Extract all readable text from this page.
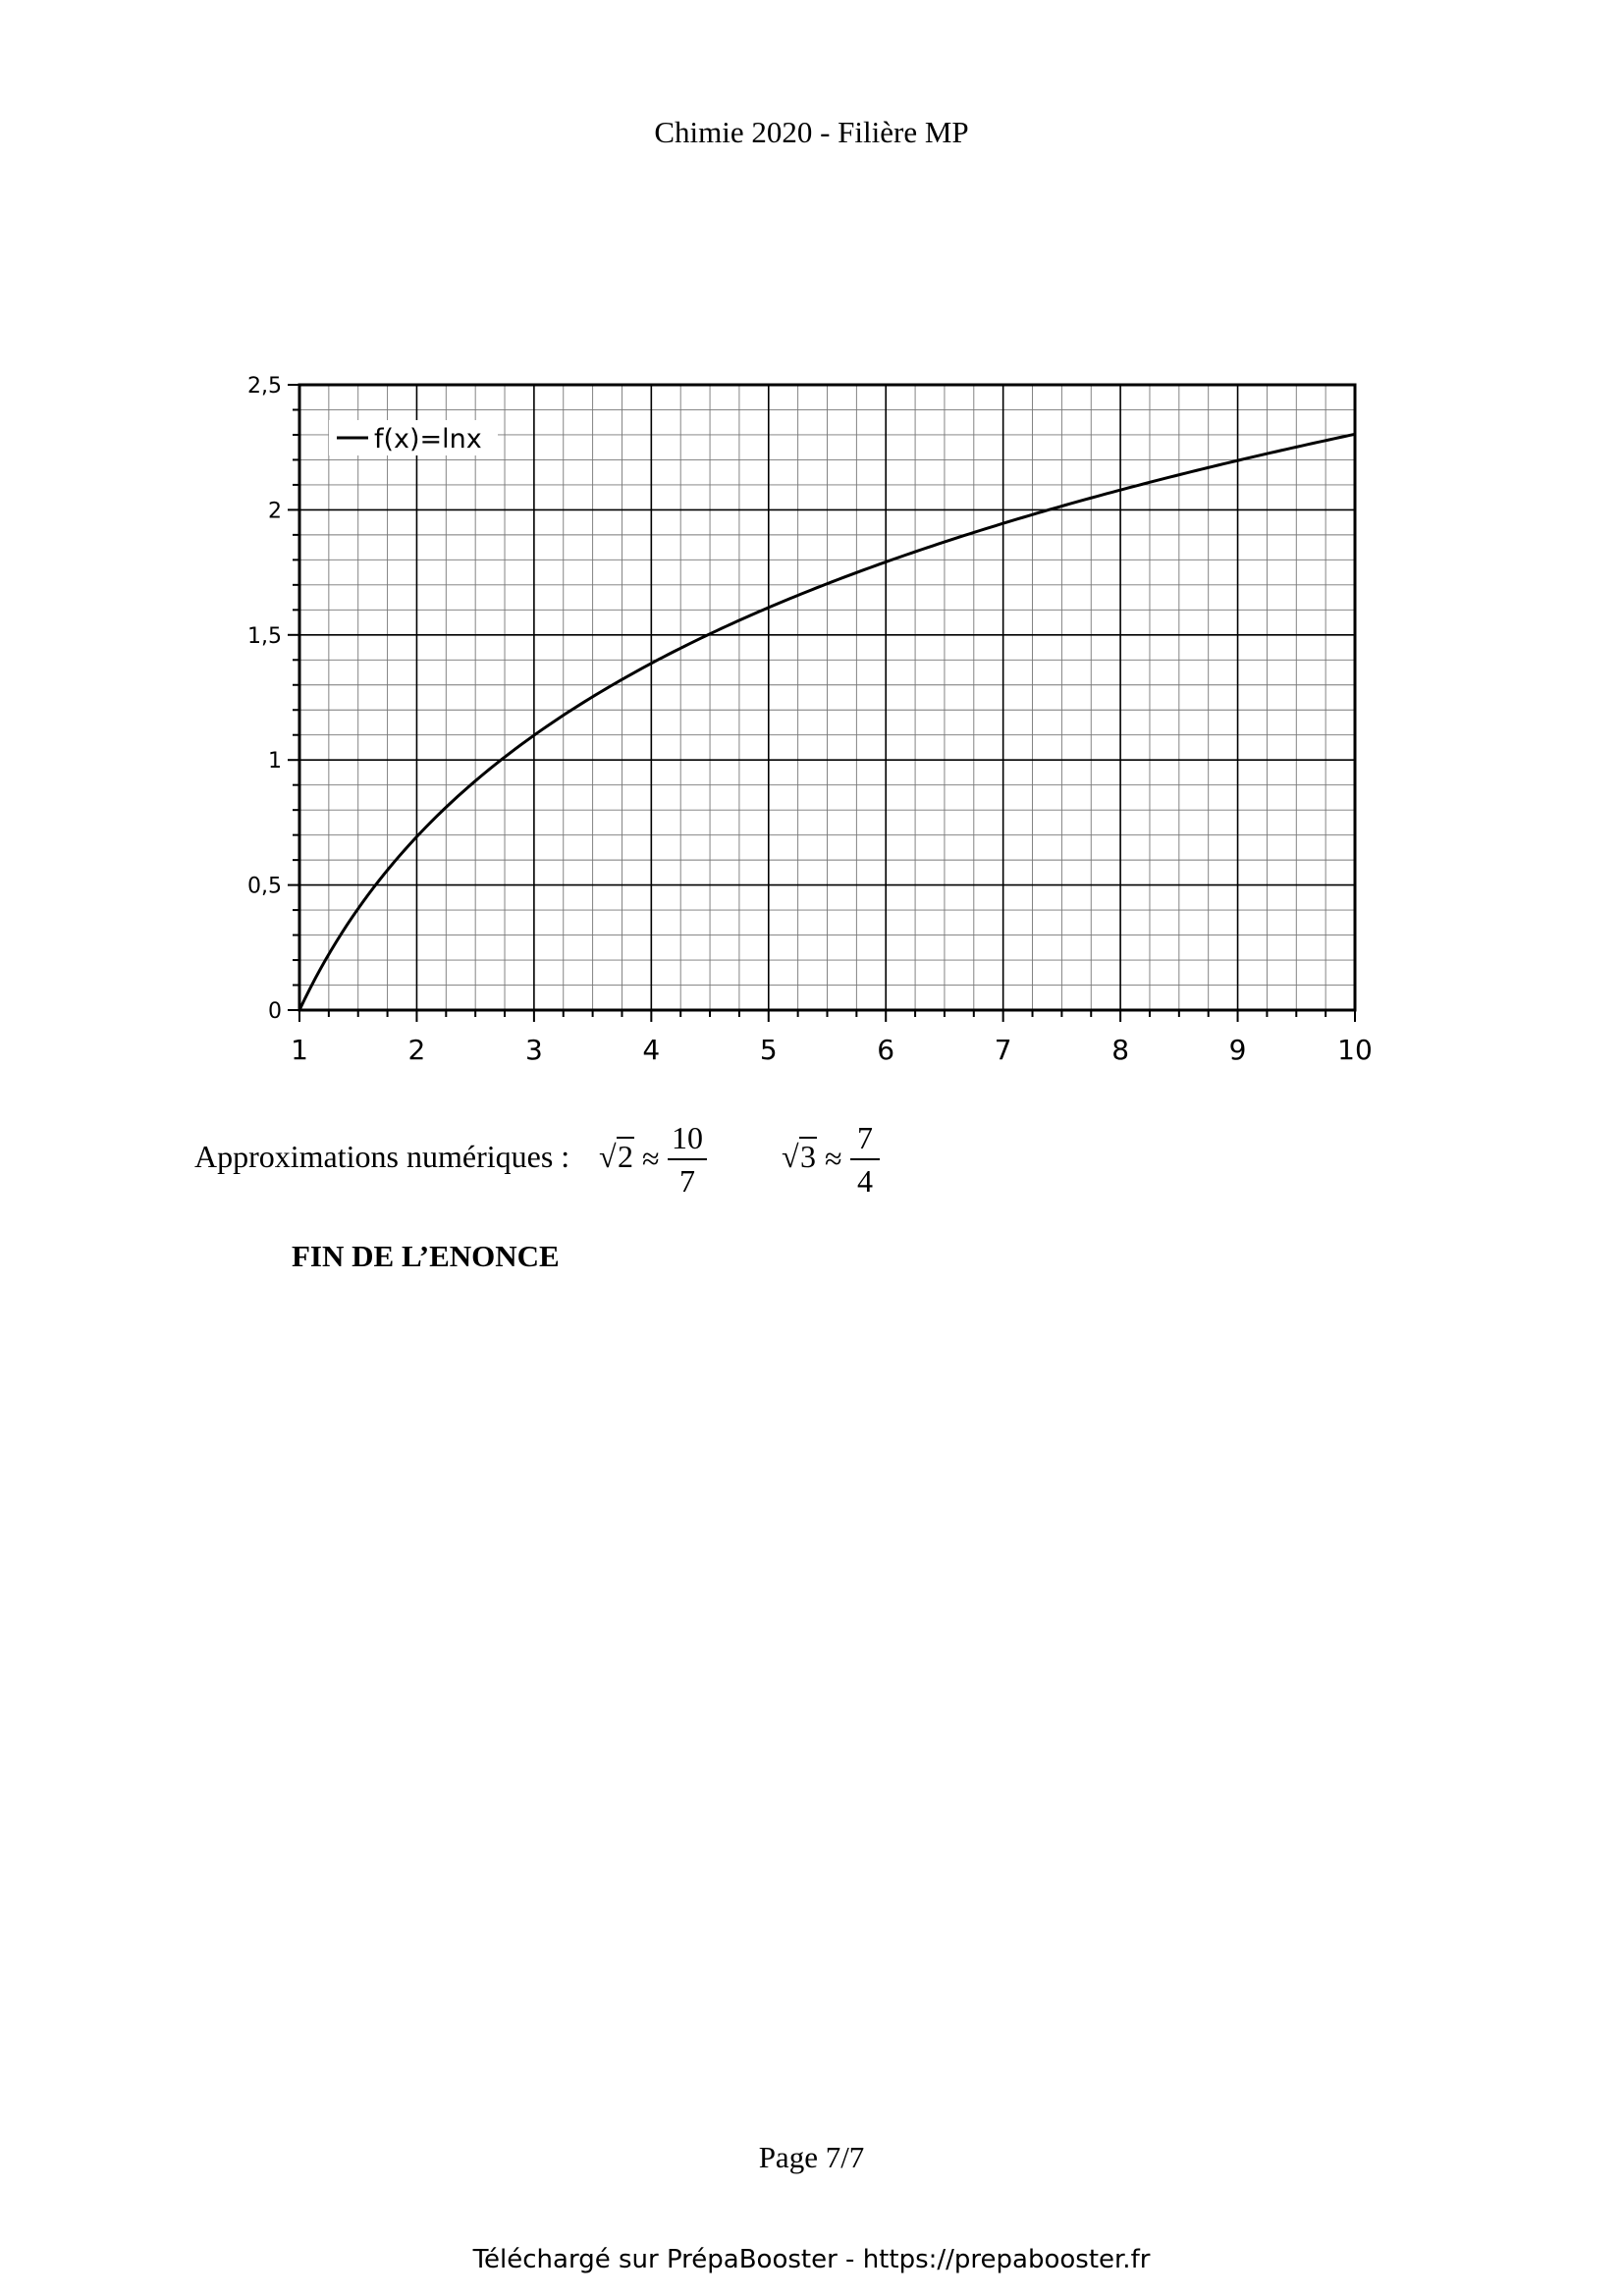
Chimie 2020 - Filière MP
1	2	3	4	5	6	7	8	9	10
0
0,5
1
1,5
2
2,5
f(x)=lnx
Approximations numériques : √ 2 ≈
10
7
√ 3 ≈
7
4
FIN DE L’ENONCE
Page 7/7
Téléchargé sur PrépaBooster - https://prepabooster.fr
